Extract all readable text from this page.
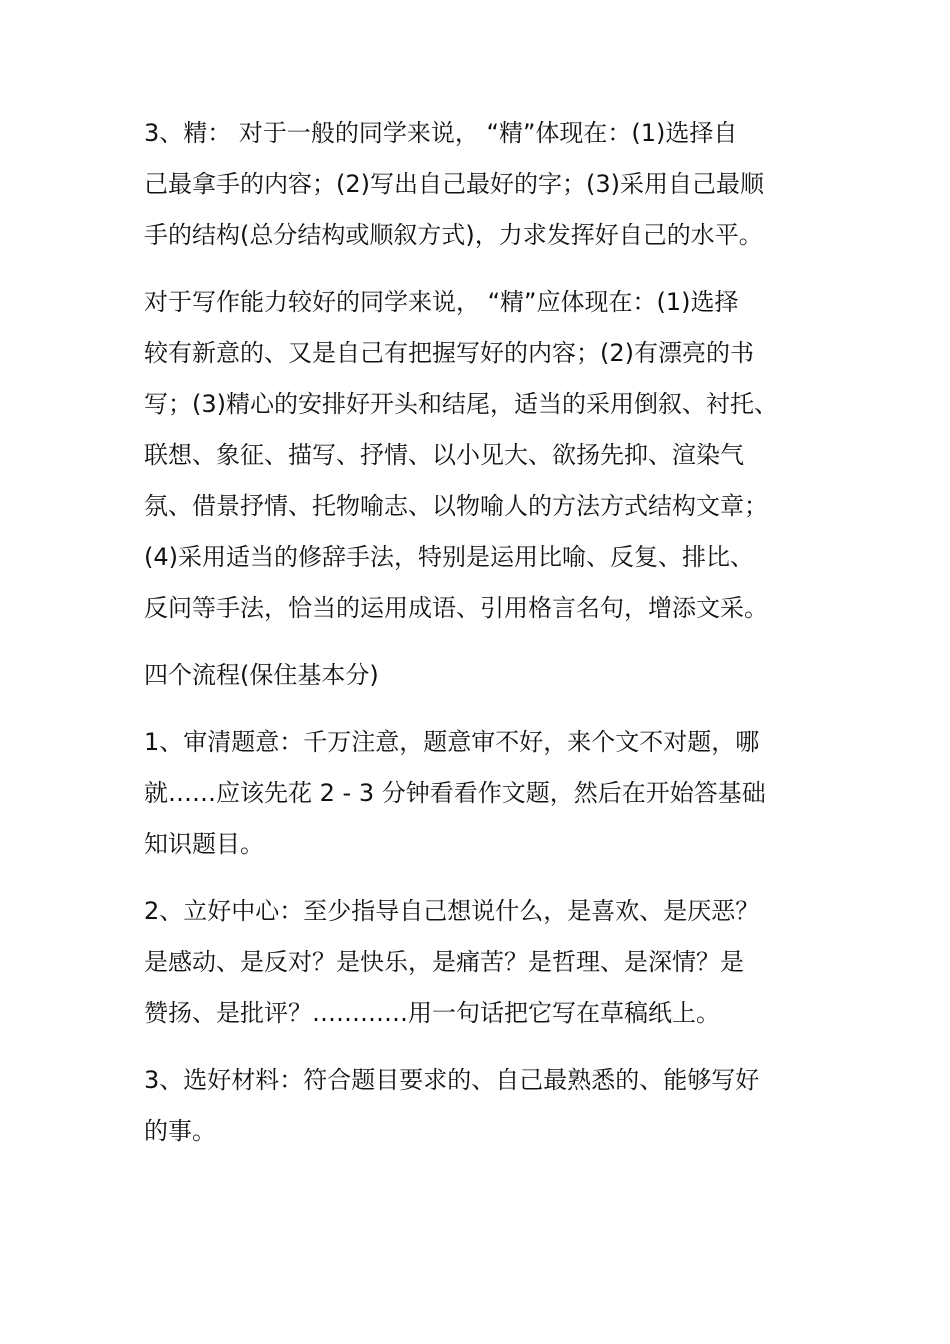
3、精： 对于一般的同学来说， “精”体现在：(1)选择自
己最拿手的内容；(2)写出自己最好的字；(3)采用自己最顺
手的结构(总分结构或顺叙方式)，力求发挥好自己的水平。

对于写作能力较好的同学来说， “精”应体现在：(1)选择
较有新意的、又是自己有把握写好的内容；(2)有漂亮的书
写；(3)精心的安排好开头和结尾，适当的采用倒叙、衬托、
联想、象征、描写、抒情、以小见大、欲扬先抑、渲染气
氛、借景抒情、托物喻志、以物喻人的方法方式结构文章；
(4)采用适当的修辞手法，特别是运用比喻、反复、排比、
反问等手法，恰当的运用成语、引用格言名句，增添文采。

四个流程(保住基本分)

1、审清题意：千万注意，题意审不好，来个文不对题，哪
就……应该先花 2 - 3 分钟看看作文题，然后在开始答基础
知识题目。

2、立好中心：至少指导自己想说什么，是喜欢、是厌恶？
是感动、是反对？是快乐，是痛苦？是哲理、是深情？是
赞扬、是批评？…………用一句话把它写在草稿纸上。

3、选好材料：符合题目要求的、自己最熟悉的、能够写好
的事。
